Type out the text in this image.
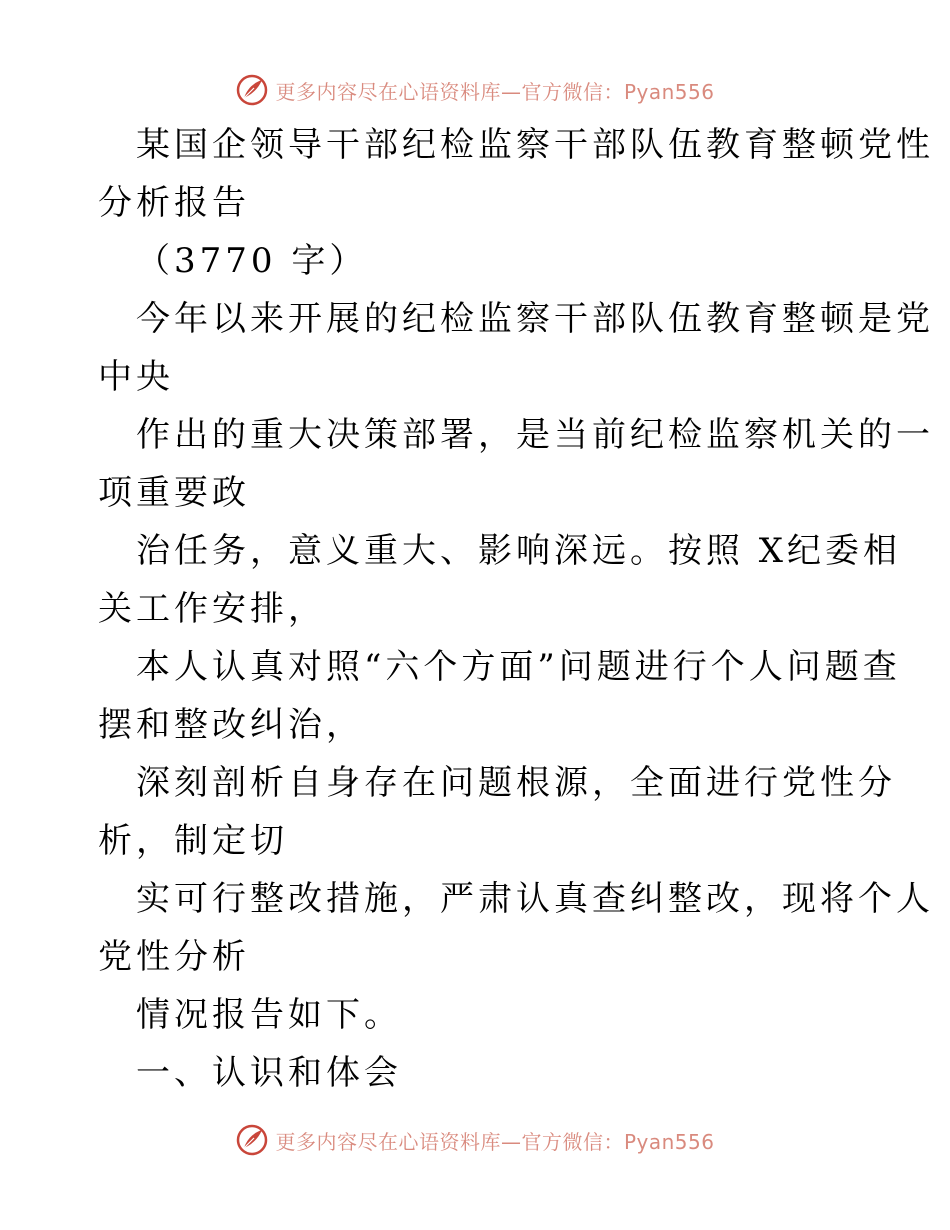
更多内容尽在心语资料库—官方微信：Pyan556
某国企领导干部纪检监察干部队伍教育整顿党性
分析报告
（3770 字）
今年以来开展的纪检监察干部队伍教育整顿是党
中央
作出的重大决策部署，是当前纪检监察机关的一
项重要政
治任务，意义重大、影响深远。按照 X纪委相
关工作安排，
本人认真对照“六个方面”问题进行个人问题查
摆和整改纠治，
深刻剖析自身存在问题根源，全面进行党性分
析，制定切
实可行整改措施，严肃认真查纠整改，现将个人
党性分析
情况报告如下。
一、认识和体会
更多内容尽在心语资料库—官方微信：Pyan556
